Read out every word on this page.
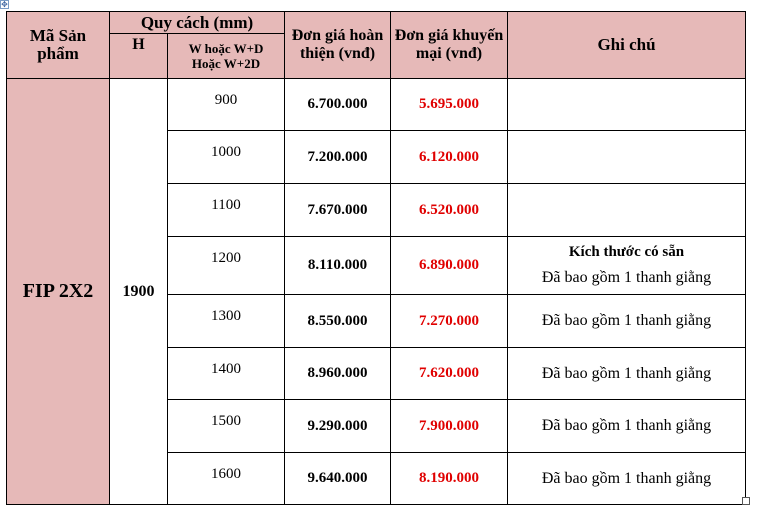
✥
Mã Sản phẩm	Quy cách (mm)		Đơn giá hoàn thiện (vnđ)	Đơn giá khuyến mại (vnđ)	Ghi chú
	H	W hoặc W+D
Hoặc W+2D			
FIP 2X2	1900	900	6.700.000	5.695.000	
		1000	7.200.000	6.120.000	
		1100	7.670.000	6.520.000	
		1200	8.110.000	6.890.000	Kích thước có sẵn
Đã bao gồm 1 thanh giằng
		1300	8.550.000	7.270.000	Đã bao gồm 1 thanh giằng
		1400	8.960.000	7.620.000	Đã bao gồm 1 thanh giằng
		1500	9.290.000	7.900.000	Đã bao gồm 1 thanh giằng
		1600	9.640.000	8.190.000	Đã bao gồm 1 thanh giằng
